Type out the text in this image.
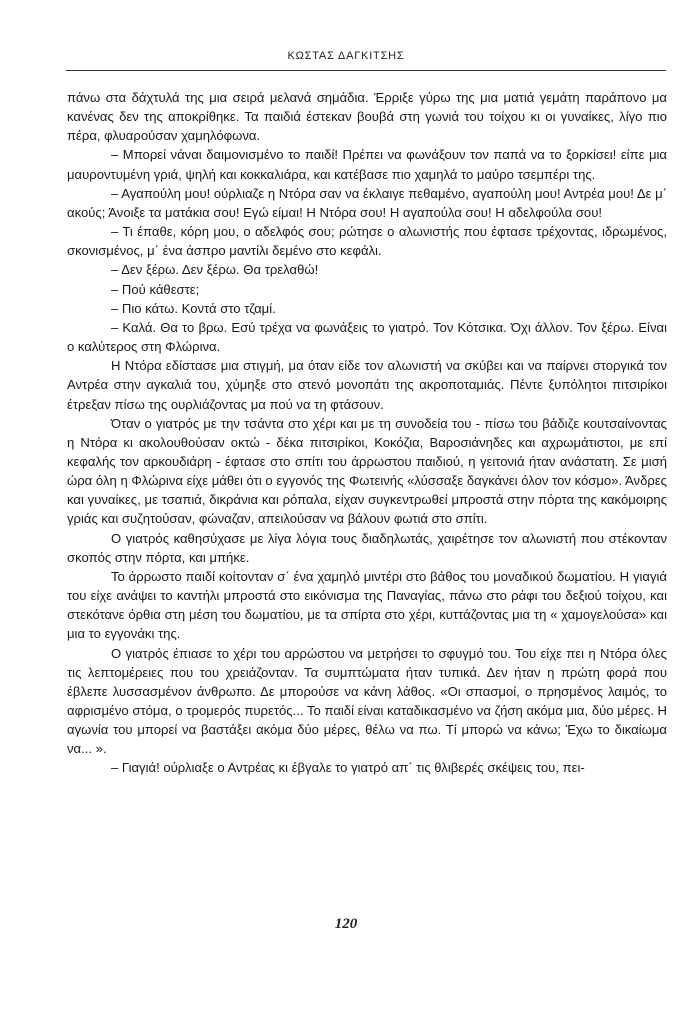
ΚΩΣΤΑΣ ΔΑΓΚΙΤΣΗΣ

πάνω στα δάχτυλά της μια σειρά μελανά σημάδια. Έρριξε γύρω της μια ματιά γεμάτη παράπονο μα κανένας δεν της αποκρίθηκε. Τα παιδιά έστεκαν βουβά στη γωνιά του τοίχου κι οι γυναίκες, λίγο πιο πέρα, φλυαρούσαν χαμηλόφωνα.

– Μπορεί νάναι δαιμονισμένο το παιδί! Πρέπει να φωνάξουν τον παπά να το ξορκίσει! είπε μια μαυροντυμένη γριά, ψηλή και κοκκαλιάρα, και κατέβασε πιο χαμηλά το μαύρο τσεμπέρι της.

– Αγαπούλη μου! ούρλιαζε η Ντόρα σαν να έκλαιγε πεθαμένο, αγαπούλη μου! Αντρέα μου! Δε μ΄ ακούς; Άνοιξε τα ματάκια σου! Εγώ είμαι! Η Ντόρα σου! Η αγαπούλα σου! Η αδελφούλα σου!

– Τι έπαθε, κόρη μου, ο αδελφός σου; ρώτησε ο αλωνιστής που έφτασε τρέχοντας, ιδρωμένος, σκονισμένος, μ΄ ένα άσπρο μαντίλι δεμένο στο κεφάλι.

– Δεν ξέρω. Δεν ξέρω. Θα τρελαθώ!

– Πού κάθεστε;

– Πιο κάτω. Κοντά στο τζαμί.

– Καλά. Θα το βρω. Εσύ τρέχα να φωνάξεις το γιατρό. Τον Κότσικα. Όχι άλλον. Τον ξέρω. Είναι ο καλύτερος στη Φλώρινα.

Η Ντόρα εδίστασε μια στιγμή, μα όταν είδε τον αλωνιστή να σκύβει και να παίρνει στοργικά τον Αντρέα στην αγκαλιά του, χύμηξε στο στενό μονοπάτι της ακροποταμιάς. Πέντε ξυπόλητοι πιτσιρίκοι έτρεξαν πίσω της ουρλιάζοντας μα πού να τη φτάσουν.

Όταν ο γιατρός με την τσάντα στο χέρι και με τη συνοδεία του - πίσω του βάδιζε κουτσαίνοντας η Ντόρα κι ακολουθούσαν οκτώ - δέκα πιτσιρίκοι, Κοκόζια, Βαροσιάνηδες και αχρωμάτιστοι, με επί κεφαλής τον αρκουδιάρη - έφτασε στο σπίτι του άρρωστου παιδιού, η γειτονιά ήταν ανάστατη. Σε μισή ώρα όλη η Φλώρινα είχε μάθει ότι ο εγγονός της Φωτεινής «λύσσαξε δαγκάνει όλον τον κόσμο». Άνδρες και γυναίκες, με τσαπιά, δικράνια και ρόπαλα, είχαν συγκεντρωθεί μπροστά στην πόρτα της κακόμοιρης γριάς και συζητούσαν, φώναζαν, απειλούσαν να βάλουν φωτιά στο σπίτι.

Ο γιατρός καθησύχασε με λίγα λόγια τους διαδηλωτάς, χαιρέτησε τον αλωνιστή που στέκονταν σκοπός στην πόρτα, και μπήκε.

Το άρρωστο παιδί κοίτονταν σ΄ ένα χαμηλό μιντέρι στο βάθος του μοναδικού δωματίου. Η γιαγιά του είχε ανάψει το καντήλι μπροστά στο εικόνισμα της Παναγίας, πάνω στο ράφι του δεξιού τοίχου, και στεκότανε όρθια στη μέση του δωματίου, με τα σπίρτα στο χέρι, κυττάζοντας μια τη « χαμογελούσα» και μια το εγγονάκι της.

Ο γιατρός έπιασε το χέρι του αρρώστου να μετρήσει το σφυγμό του. Του είχε πει η Ντόρα όλες τις λεπτομέρειες που του χρειάζονταν. Τα συμπτώματα ήταν τυπικά. Δεν ήταν η πρώτη φορά που έβλεπε λυσσασμένον άνθρωπο. Δε μπορούσε να κάνη λάθος. «Οι σπασμοί, ο πρησμένος λαιμός, το αφρισμένο στόμα, ο τρομερός πυρετός... Το παιδί είναι καταδικασμένο να ζήση ακόμα μια, δύο μέρες. Η αγωνία του μπορεί να βαστάξει ακόμα δύο μέρες, θέλω να πω. Τί μπορώ να κάνω; Έχω το δικαίωμα να... ».

– Γιαγιά! ούρλιαξε ο Αντρέας κι έβγαλε το γιατρό απ΄ τις θλιβερές σκέψεις του, πει-

120
